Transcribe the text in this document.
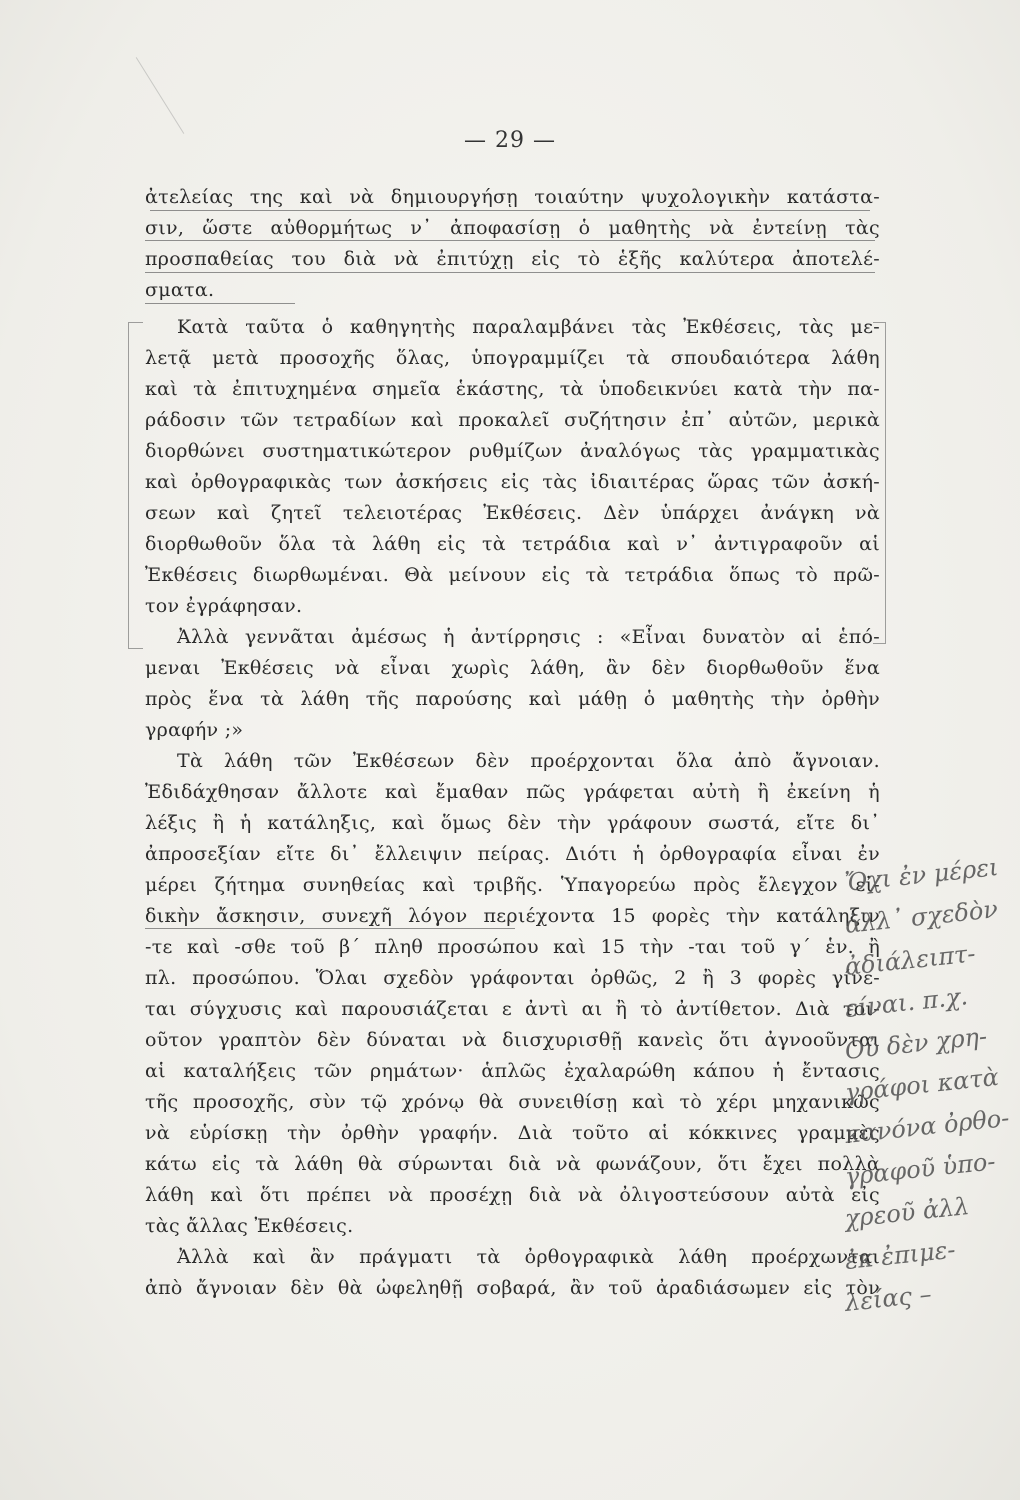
— 29 —
ἀτελείας της καὶ νὰ δημιουργήσῃ τοιαύτην ψυχολογικὴν κατάστα-
σιν, ὥστε αὐθορμήτως ν᾽ ἀποφασίσῃ ὁ μαθητὴς νὰ ἐντείνῃ τὰς
προσπαθείας του διὰ νὰ ἐπιτύχῃ εἰς τὸ ἑξῆς καλύτερα ἀποτελέ-
σματα.
Κατὰ ταῦτα ὁ καθηγητὴς παραλαμβάνει τὰς Ἐκθέσεις, τὰς με-
λετᾷ μετὰ προσοχῆς ὅλας, ὑπογραμμίζει τὰ σπουδαιότερα λάθη
καὶ τὰ ἐπιτυχημένα σημεῖα ἑκάστης, τὰ ὑποδεικνύει κατὰ τὴν πα-
ράδοσιν τῶν τετραδίων καὶ προκαλεῖ συζήτησιν ἐπ᾽ αὐτῶν, μερικὰ
διορθώνει συστηματικώτερον ρυθμίζων ἀναλόγως τὰς γραμματικὰς
καὶ ὀρθογραφικὰς των ἀσκήσεις εἰς τὰς ἰδιαιτέρας ὥρας τῶν ἀσκή-
σεων καὶ ζητεῖ τελειοτέρας Ἐκθέσεις. Δὲν ὑπάρχει ἀνάγκη νὰ
διορθωθοῦν ὅλα τὰ λάθη εἰς τὰ τετράδια καὶ ν᾽ ἀντιγραφοῦν αἱ
Ἐκθέσεις διωρθωμέναι. Θὰ μείνουν εἰς τὰ τετράδια ὅπως τὸ πρῶ-
τον ἐγράφησαν.
Ἀλλὰ γεννᾶται ἀμέσως ἡ ἀντίρρησις : «Εἶναι δυνατὸν αἱ ἑπό-
μεναι Ἐκθέσεις νὰ εἶναι χωρὶς λάθη, ἂν δὲν διορθωθοῦν ἕνα
πρὸς ἕνα τὰ λάθη τῆς παρούσης καὶ μάθῃ ὁ μαθητὴς τὴν ὀρθὴν
γραφήν ;»
Τὰ λάθη τῶν Ἐκθέσεων δὲν προέρχονται ὅλα ἀπὸ ἄγνοιαν.
Ἐδιδάχθησαν ἄλλοτε καὶ ἔμαθαν πῶς γράφεται αὐτὴ ἢ ἐκείνη ἡ
λέξις ἢ ἡ κατάληξις, καὶ ὅμως δὲν τὴν γράφουν σωστά, εἴτε δι᾽
ἀπροσεξίαν εἴτε δι᾽ ἔλλειψιν πείρας. Διότι ἡ ὀρθογραφία εἶναι ἐν
μέρει ζήτημα συνηθείας καὶ τριβῆς. Ὑπαγορεύω πρὸς ἔλεγχον εἰ-
δικὴν ἄσκησιν, συνεχῆ λόγον περιέχοντα 15 φορὲς τὴν κατάληξιν
-τε καὶ -σθε τοῦ β΄ πληθ προσώπου καὶ 15 τὴν -ται τοῦ γ΄ ἑν. ἢ
πλ. προσώπου. Ὅλαι σχεδὸν γράφονται ὀρθῶς, 2 ἢ 3 φορὲς γίνε-
ται σύγχυσις καὶ παρουσιάζεται ε ἀντὶ αι ἢ τὸ ἀντίθετον. Διὰ τοι-
οῦτον γραπτὸν δὲν δύναται νὰ διισχυρισθῇ κανεὶς ὅτι ἀγνοοῦνται
αἱ καταλήξεις τῶν ρημάτων· ἁπλῶς ἐχαλαρώθη κάπου ἡ ἔντασις
τῆς προσοχῆς, σὺν τῷ χρόνῳ θὰ συνειθίσῃ καὶ τὸ χέρι μηχανικῶς
νὰ εὑρίσκῃ τὴν ὀρθὴν γραφήν. Διὰ τοῦτο αἱ κόκκινες γραμμὲς
κάτω εἰς τὰ λάθη θὰ σύρωνται διὰ νὰ φωνάζουν, ὅτι ἔχει πολλὰ
λάθη καὶ ὅτι πρέπει νὰ προσέχῃ διὰ νὰ ὀλιγοστεύσουν αὐτὰ εἰς
τὰς ἄλλας Ἐκθέσεις.
Ἀλλὰ καὶ ἂν πράγματι τὰ ὀρθογραφικὰ λάθη προέρχωνται
ἀπὸ ἄγνοιαν δὲν θὰ ὠφεληθῇ σοβαρά, ἂν τοῦ ἀραδιάσωμεν εἰς τὸν
Ὄχι ἐν μέρει
ἀλλ᾽ σχεδὸν
ἀδιάλειπτ-
είναι. π.χ.
Οὐ δὲν χρη-
γράφοι κατὰ
κανόνα ὀρθο-
γραφοῦ ὑπο-
χρεοῦ ἀλλ
ἐκ ἐπιμε-
λείας –
